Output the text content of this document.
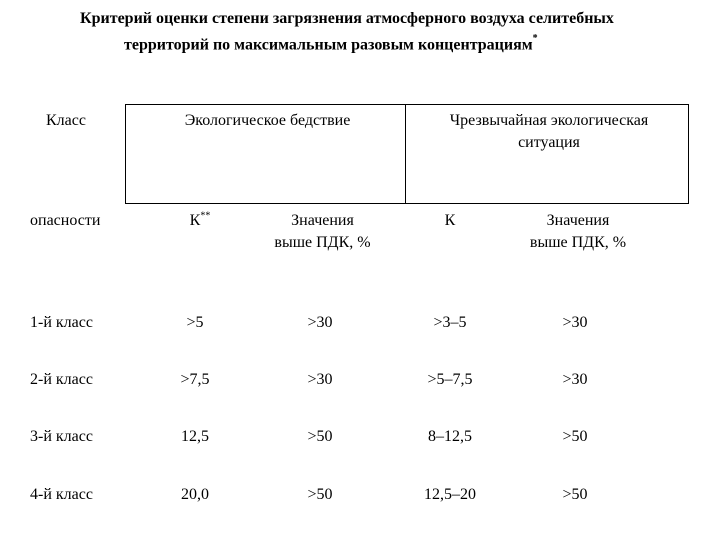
Критерий оценки степени загрязнения атмосферного воздуха селитебных
территорий по максимальным разовым концентрациям*
Класс	Экологическое бедствие	Чрезвычайная экологическая
ситуация
опасности	К**	Значения
выше ПДК, %
К	Значения
выше ПДК, %
1-й класс	>5	>30	>3–5	>30
2-й класс	>7,5	>30	>5–7,5	>30
3-й класс	12,5	>50	8–12,5	>50
4-й класс	20,0	>50	12,5–20	>50
